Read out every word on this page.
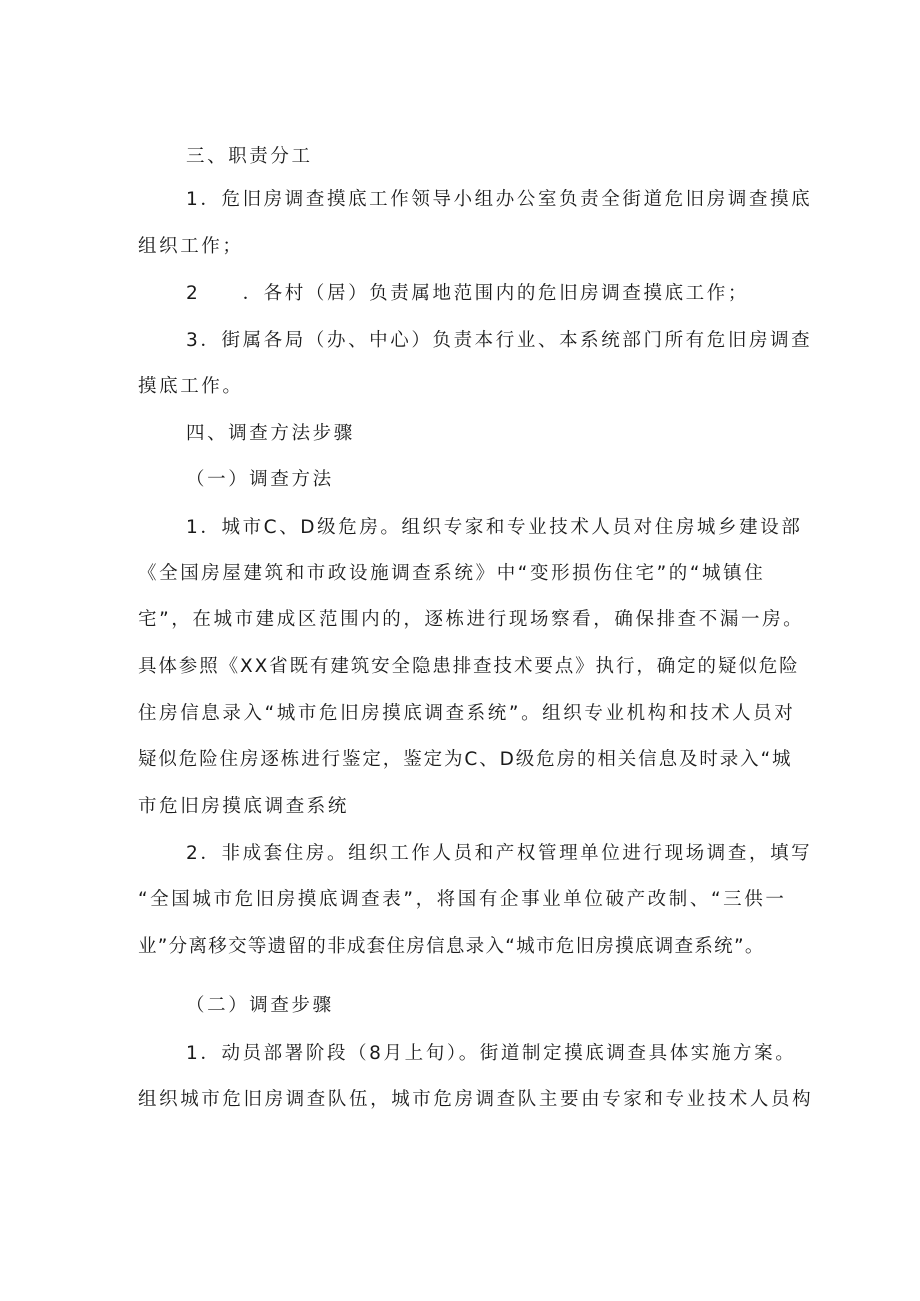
三、职责分工
1．危旧房调查摸底工作领导小组办公室负责全街道危旧房调查摸底
组织工作；
2　　．各村（居）负责属地范围内的危旧房调查摸底工作；
3．街属各局（办、中心）负责本行业、本系统部门所有危旧房调查
摸底工作。
四、调查方法步骤
（一）调查方法
1．城市C、D级危房。组织专家和专业技术人员对住房城乡建设部
《全国房屋建筑和市政设施调查系统》中“变形损伤住宅”的“城镇住
宅”，在城市建成区范围内的，逐栋进行现场察看，确保排查不漏一房。
具体参照《XX省既有建筑安全隐患排查技术要点》执行，确定的疑似危险
住房信息录入“城市危旧房摸底调查系统”。组织专业机构和技术人员对
疑似危险住房逐栋进行鉴定，鉴定为C、D级危房的相关信息及时录入“城
市危旧房摸底调查系统
2．非成套住房。组织工作人员和产权管理单位进行现场调查，填写
“全国城市危旧房摸底调查表”，将国有企事业单位破产改制、“三供一
业”分离移交等遗留的非成套住房信息录入“城市危旧房摸底调查系统”。
（二）调查步骤
1．动员部署阶段（8月上旬）。街道制定摸底调查具体实施方案。
组织城市危旧房调查队伍，城市危房调查队主要由专家和专业技术人员构
